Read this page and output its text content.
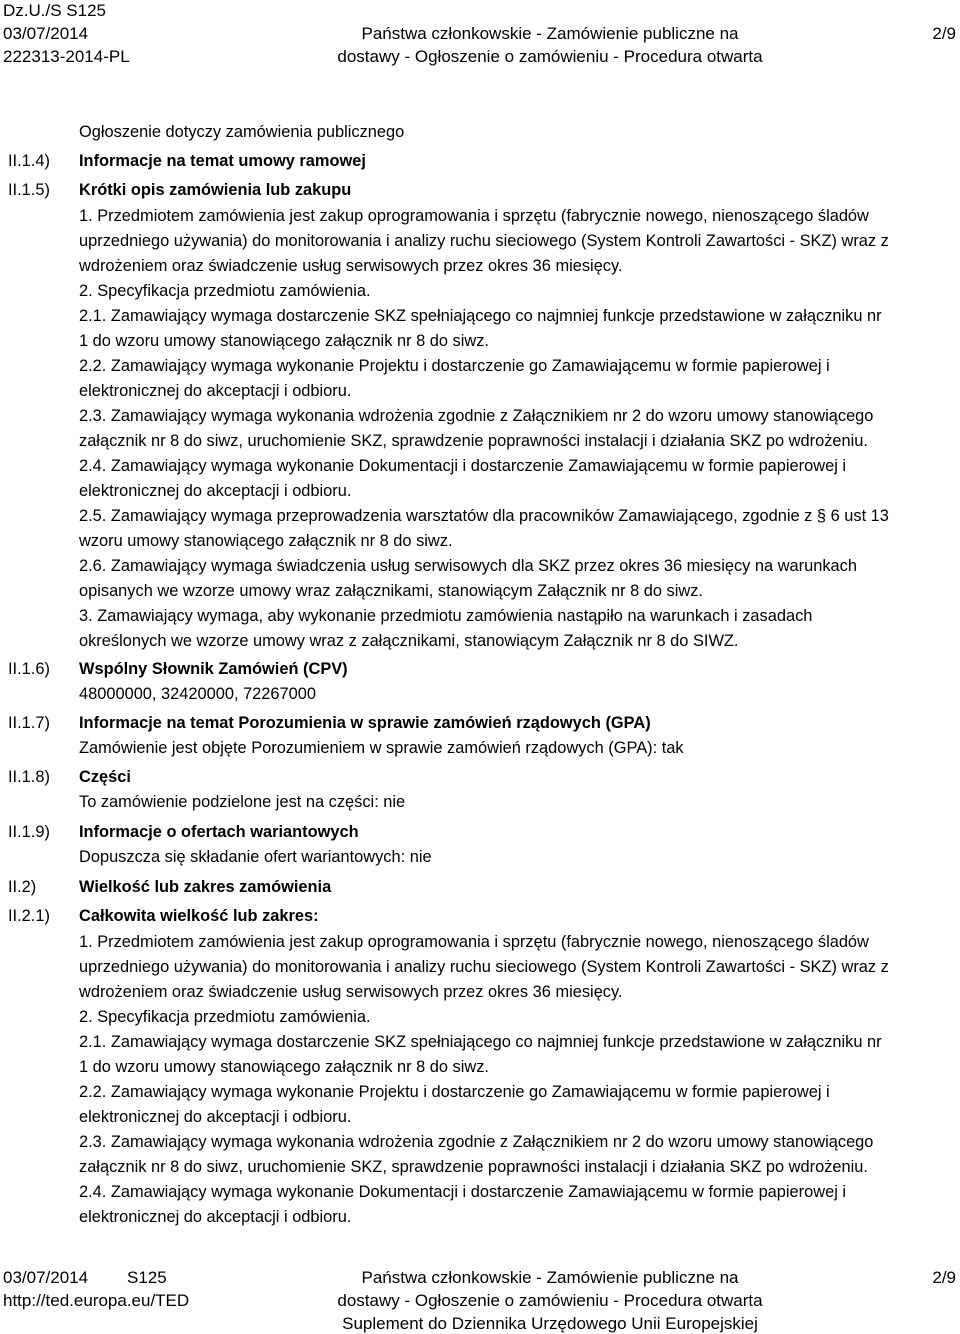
Dz.U./S S125
03/07/2014
222313-2014-PL
Państwa członkowskie - Zamówienie publiczne na
dostawy - Ogłoszenie o zamówieniu - Procedura otwarta
2/9
II.1.4)
II.1.5)
II.1.6)
II.1.7)
II.1.8)
II.1.9)
II.2)
II.2.1)
Ogłoszenie dotyczy zamówienia publicznego
Informacje na temat umowy ramowej
Krótki opis zamówienia lub zakupu
1. Przedmiotem zamówienia jest zakup oprogramowania i sprzętu (fabrycznie nowego, nienoszącego śladów
uprzedniego używania) do monitorowania i analizy ruchu sieciowego (System Kontroli Zawartości - SKZ) wraz z
wdrożeniem oraz świadczenie usług serwisowych przez okres 36 miesięcy.
2. Specyfikacja przedmiotu zamówienia.
2.1. Zamawiający wymaga dostarczenie SKZ spełniającego co najmniej funkcje przedstawione w załączniku nr
1 do wzoru umowy stanowiącego załącznik nr 8 do siwz.
2.2. Zamawiający wymaga wykonanie Projektu i dostarczenie go Zamawiającemu w formie papierowej i
elektronicznej do akceptacji i odbioru.
2.3. Zamawiający wymaga wykonania wdrożenia zgodnie z Załącznikiem nr 2 do wzoru umowy stanowiącego
załącznik nr 8 do siwz, uruchomienie SKZ, sprawdzenie poprawności instalacji i działania SKZ po wdrożeniu.
2.4. Zamawiający wymaga wykonanie Dokumentacji i dostarczenie Zamawiającemu w formie papierowej i
elektronicznej do akceptacji i odbioru.
2.5. Zamawiający wymaga przeprowadzenia warsztatów dla pracowników Zamawiającego, zgodnie z § 6 ust 13
wzoru umowy stanowiącego załącznik nr 8 do siwz.
2.6. Zamawiający wymaga świadczenia usług serwisowych dla SKZ przez okres 36 miesięcy na warunkach
opisanych we wzorze umowy wraz załącznikami, stanowiącym Załącznik nr 8 do siwz.
3. Zamawiający wymaga, aby wykonanie przedmiotu zamówienia nastąpiło na warunkach i zasadach
określonych we wzorze umowy wraz z załącznikami, stanowiącym Załącznik nr 8 do SIWZ.
Wspólny Słownik Zamówień (CPV)
48000000, 32420000, 72267000
Informacje na temat Porozumienia w sprawie zamówień rządowych (GPA)
Zamówienie jest objęte Porozumieniem w sprawie zamówień rządowych (GPA): tak
Części
To zamówienie podzielone jest na części: nie
Informacje o ofertach wariantowych
Dopuszcza się składanie ofert wariantowych: nie
Wielkość lub zakres zamówienia
Całkowita wielkość lub zakres:
1. Przedmiotem zamówienia jest zakup oprogramowania i sprzętu (fabrycznie nowego, nienoszącego śladów
uprzedniego używania) do monitorowania i analizy ruchu sieciowego (System Kontroli Zawartości - SKZ) wraz z
wdrożeniem oraz świadczenie usług serwisowych przez okres 36 miesięcy.
2. Specyfikacja przedmiotu zamówienia.
2.1. Zamawiający wymaga dostarczenie SKZ spełniającego co najmniej funkcje przedstawione w załączniku nr
1 do wzoru umowy stanowiącego załącznik nr 8 do siwz.
2.2. Zamawiający wymaga wykonanie Projektu i dostarczenie go Zamawiającemu w formie papierowej i
elektronicznej do akceptacji i odbioru.
2.3. Zamawiający wymaga wykonania wdrożenia zgodnie z Załącznikiem nr 2 do wzoru umowy stanowiącego
załącznik nr 8 do siwz, uruchomienie SKZ, sprawdzenie poprawności instalacji i działania SKZ po wdrożeniu.
2.4. Zamawiający wymaga wykonanie Dokumentacji i dostarczenie Zamawiającemu w formie papierowej i
elektronicznej do akceptacji i odbioru.
03/07/2014 S125
http://ted.europa.eu/TED
Państwa członkowskie - Zamówienie publiczne na
dostawy - Ogłoszenie o zamówieniu - Procedura otwarta
Suplement do Dziennika Urzędowego Unii Europejskiej
2/9
